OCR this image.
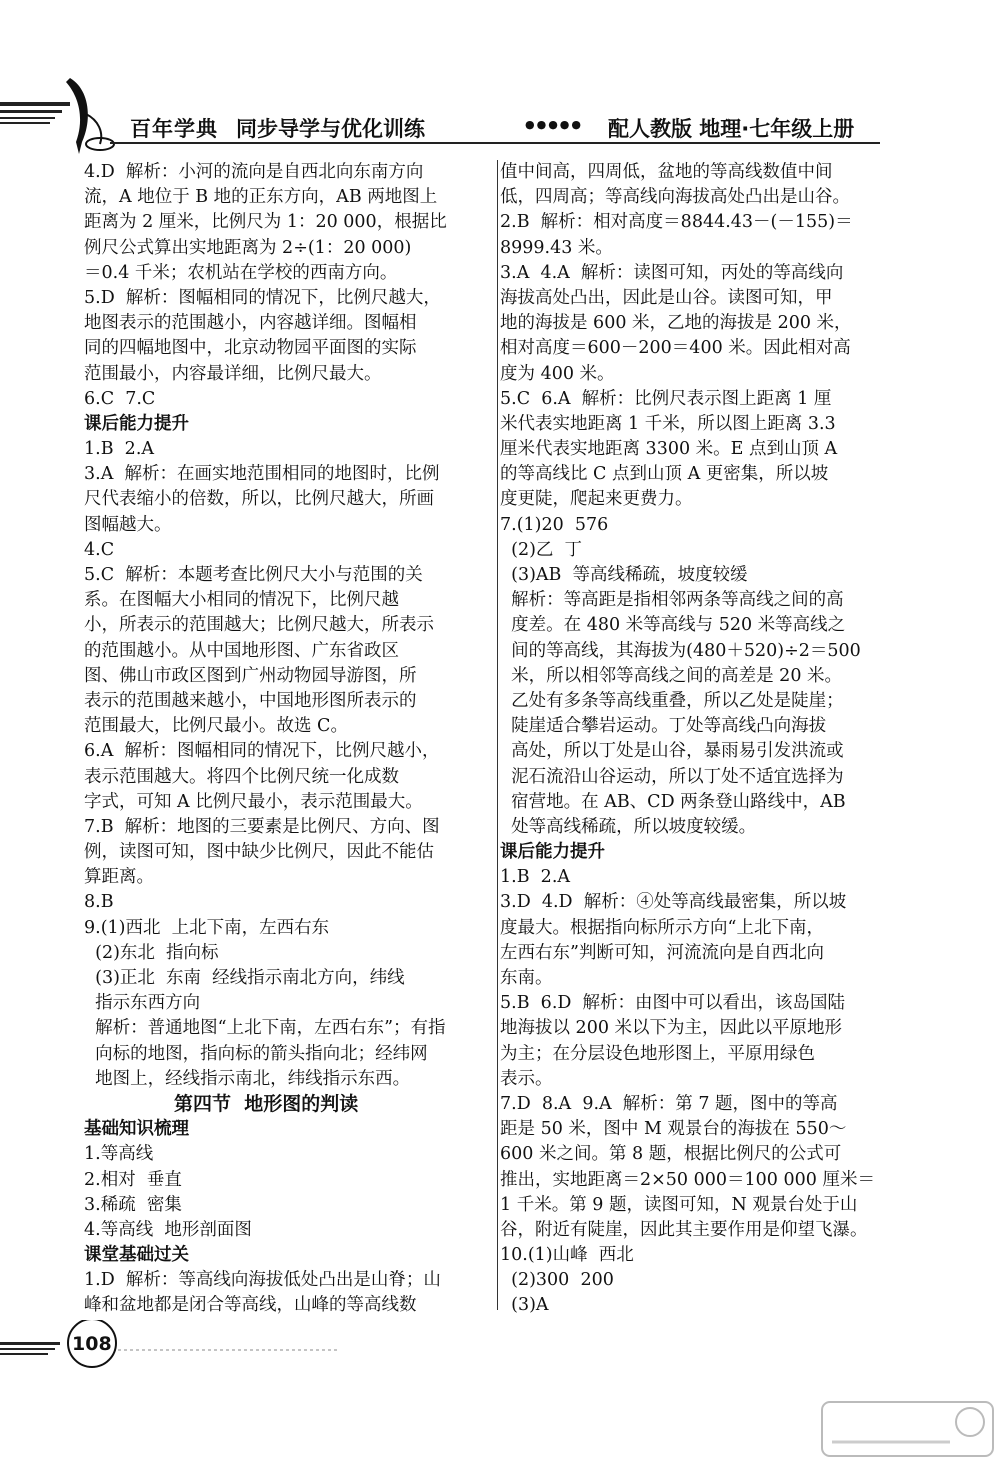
百年学典 同步导学与优化训练	●●●●● 配人教版 地理·七年级上册
4.D  解析：小河的流向是自西北向东南方向
流，A 地位于 B 地的正东方向，AB 两地图上
距离为 2 厘米，比例尺为 1：20 000，根据比
例尺公式算出实地距离为 2÷(1：20 000)
＝0.4 千米；农机站在学校的西南方向。
5.D  解析：图幅相同的情况下，比例尺越大，
地图表示的范围越小，内容越详细。图幅相
同的四幅地图中，北京动物园平面图的实际
范围最小，内容最详细，比例尺最大。
6.C  7.C
课后能力提升
1.B  2.A
3.A  解析：在画实地范围相同的地图时，比例
尺代表缩小的倍数，所以，比例尺越大，所画
图幅越大。
4.C
5.C  解析：本题考查比例尺大小与范围的关
系。在图幅大小相同的情况下，比例尺越
小，所表示的范围越大；比例尺越大，所表示
的范围越小。从中国地形图、广东省政区
图、佛山市政区图到广州动物园导游图，所
表示的范围越来越小，中国地形图所表示的
范围最大，比例尺最小。故选 C。
6.A  解析：图幅相同的情况下，比例尺越小，
表示范围越大。将四个比例尺统一化成数
字式，可知 A 比例尺最小，表示范围最大。
7.B  解析：地图的三要素是比例尺、方向、图
例，读图可知，图中缺少比例尺，因此不能估
算距离。
8.B
9.(1)西北  上北下南，左西右东
(2)东北  指向标
(3)正北  东南  经线指示南北方向，纬线
指示东西方向
解析：普通地图“上北下南，左西右东”；有指
向标的地图，指向标的箭头指向北；经纬网
地图上，经线指示南北，纬线指示东西。
第四节  地形图的判读
基础知识梳理
1.等高线
2.相对  垂直
3.稀疏  密集
4.等高线  地形剖面图
课堂基础过关
1.D  解析：等高线向海拔低处凸出是山脊；山
峰和盆地都是闭合等高线，山峰的等高线数
值中间高，四周低，盆地的等高线数值中间
低，四周高；等高线向海拔高处凸出是山谷。
2.B  解析：相对高度＝8844.43－(－155)＝
8999.43 米。
3.A  4.A  解析：读图可知，丙处的等高线向
海拔高处凸出，因此是山谷。读图可知，甲
地的海拔是 600 米，乙地的海拔是 200 米，
相对高度＝600－200＝400 米。因此相对高
度为 400 米。
5.C  6.A  解析：比例尺表示图上距离 1 厘
米代表实地距离 1 千米，所以图上距离 3.3
厘米代表实地距离 3300 米。E 点到山顶 A
的等高线比 C 点到山顶 A 更密集，所以坡
度更陡，爬起来更费力。
7.(1)20  576
(2)乙  丁
(3)AB  等高线稀疏，坡度较缓
解析：等高距是指相邻两条等高线之间的高
度差。在 480 米等高线与 520 米等高线之
间的等高线，其海拔为(480＋520)÷2＝500
米，所以相邻等高线之间的高差是 20 米。
乙处有多条等高线重叠，所以乙处是陡崖；
陡崖适合攀岩运动。丁处等高线凸向海拔
高处，所以丁处是山谷，暴雨易引发洪流或
泥石流沿山谷运动，所以丁处不适宜选择为
宿营地。在 AB、CD 两条登山路线中，AB
处等高线稀疏，所以坡度较缓。
课后能力提升
1.B  2.A
3.D  4.D  解析：④处等高线最密集，所以坡
度最大。根据指向标所示方向“上北下南，
左西右东”判断可知，河流流向是自西北向
东南。
5.B  6.D  解析：由图中可以看出，该岛国陆
地海拔以 200 米以下为主，因此以平原地形
为主；在分层设色地形图上，平原用绿色
表示。
7.D  8.A  9.A  解析：第 7 题，图中的等高
距是 50 米，图中 M 观景台的海拔在 550～
600 米之间。第 8 题，根据比例尺的公式可
推出，实地距离＝2×50 000＝100 000 厘米＝
1 千米。第 9 题，读图可知，N 观景台处于山
谷，附近有陡崖，因此其主要作用是仰望飞瀑。
10.(1)山峰  西北
(2)300  200
(3)A
108
